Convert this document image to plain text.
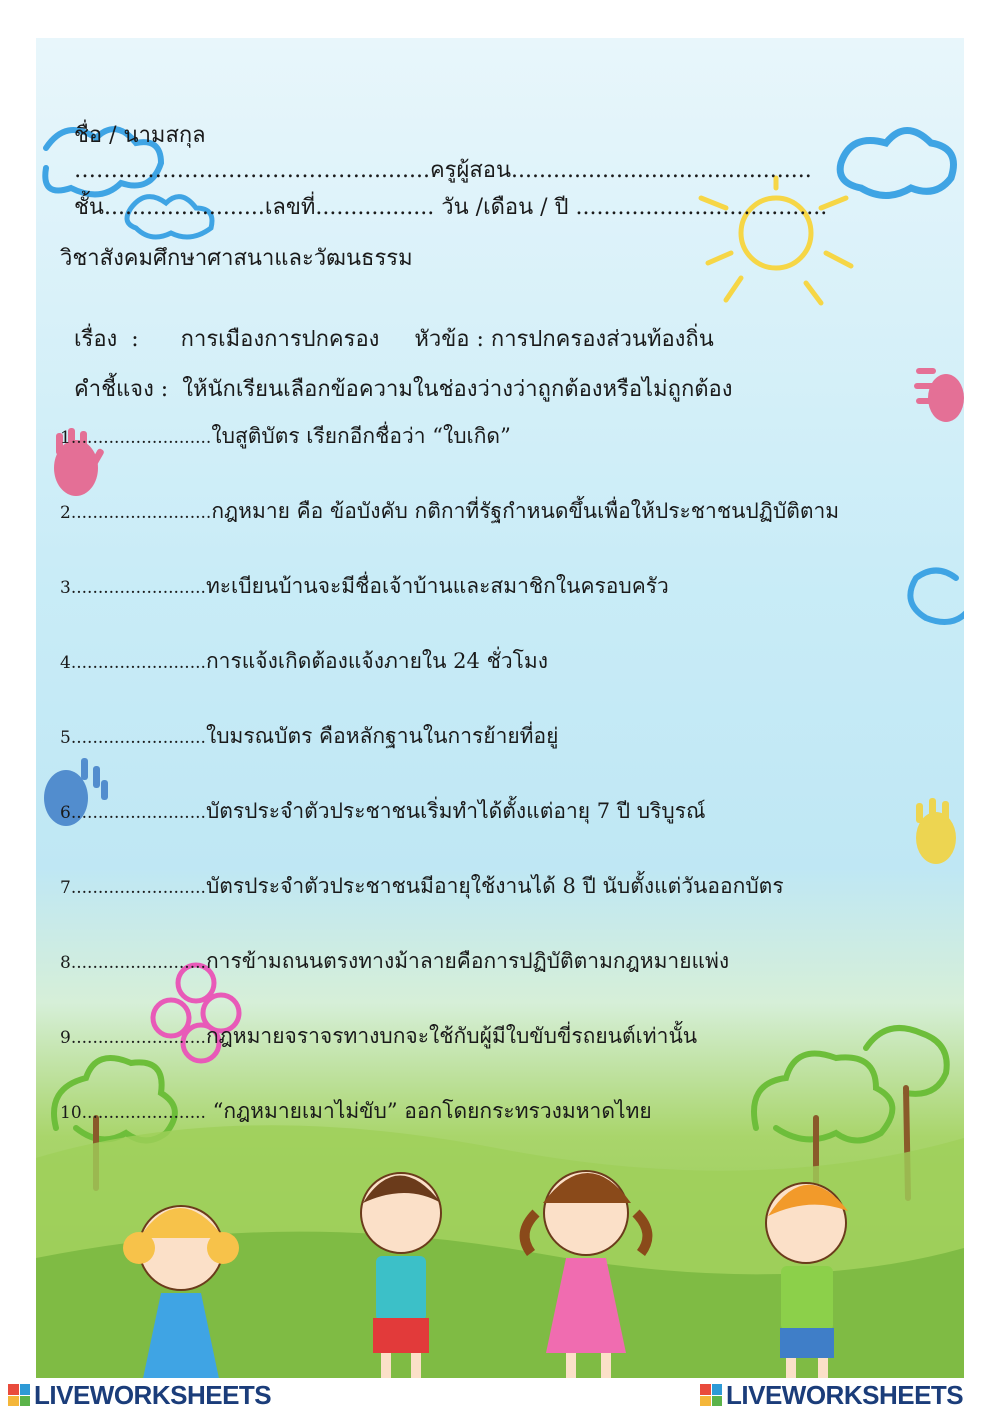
ชื่อ / นามสกุล
…………………………………..........ครูผู้สอน...........................................

ชั้น.......................เลขที่................. วัน /เดือน / ปี ....................................

วิชาสังคมศึกษาศาสนาและวัฒนธรรม

เรื่อง  : การเมืองการปกครอง หัวข้อ : การปกครองส่วนท้องถิ่น

คำชี้แจง : ให้นักเรียนเลือกข้อความในช่องว่างว่าถูกต้องหรือไม่ถูกต้อง

1..........................ใบสูติบัตร เรียกอีกชื่อว่า “ใบเกิด”
2..........................กฎหมาย คือ ข้อบังคับ กติกาที่รัฐกำหนดขึ้นเพื่อให้ประชาชนปฏิบัติตาม
3.........................ทะเบียนบ้านจะมีชื่อเจ้าบ้านและสมาชิกในครอบครัว
4.........................การแจ้งเกิดต้องแจ้งภายใน 24 ชั่วโมง
5.........................ใบมรณบัตร คือหลักฐานในการย้ายที่อยู่
6.........................บัตรประจำตัวประชาชนเริ่มทำได้ตั้งแต่อายุ 7 ปี บริบูรณ์
7.........................บัตรประจำตัวประชาชนมีอายุใช้งานได้ 8 ปี นับตั้งแต่วันออกบัตร
8.........................การข้ามถนนตรงทางม้าลายคือการปฏิบัติตามกฎหมายแพ่ง
9.........................กฎหมายจราจรทางบกจะใช้กับผู้มีใบขับขี่รถยนต์เท่านั้น
10....................... “กฎหมายเมาไม่ขับ” ออกโดยกระทรวงมหาดไทย
LIVEWORKSHEETS	LIVEWORKSHEETS
